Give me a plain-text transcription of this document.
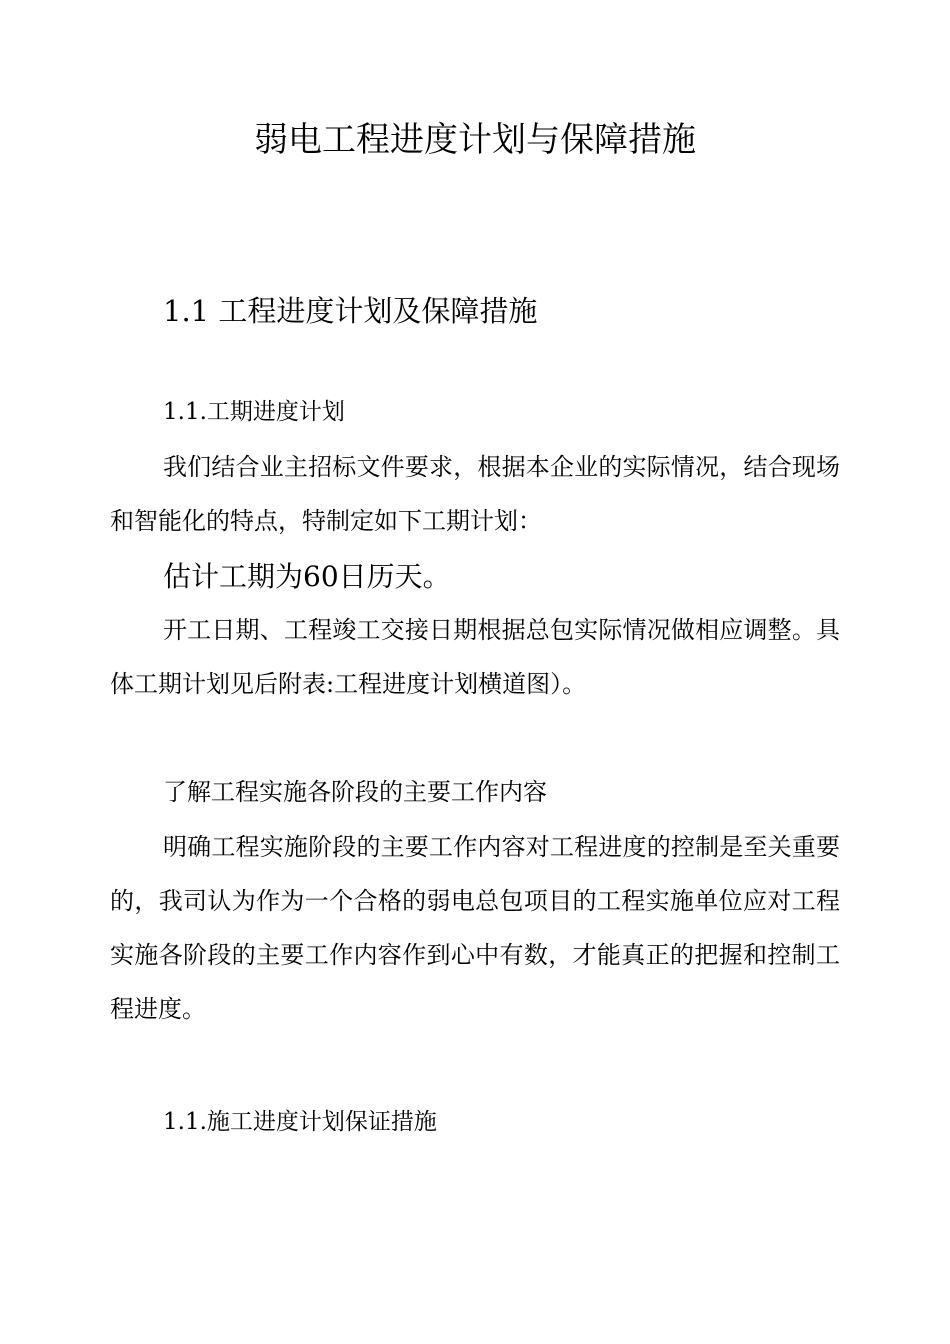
弱电工程进度计划与保障措施
1.1 工程进度计划及保障措施
1.1.工期进度计划

我们结合业主招标文件要求，根据本企业的实际情况，结合现场和智能化的特点，特制定如下工期计划：

估计工期为60日历天。

开工日期、工程竣工交接日期根据总包实际情况做相应调整。具体工期计划见后附表:工程进度计划横道图）。

了解工程实施各阶段的主要工作内容

明确工程实施阶段的主要工作内容对工程进度的控制是至关重要的，我司认为作为一个合格的弱电总包项目的工程实施单位应对工程实施各阶段的主要工作内容作到心中有数，才能真正的把握和控制工程进度。

1.1.施工进度计划保证措施
